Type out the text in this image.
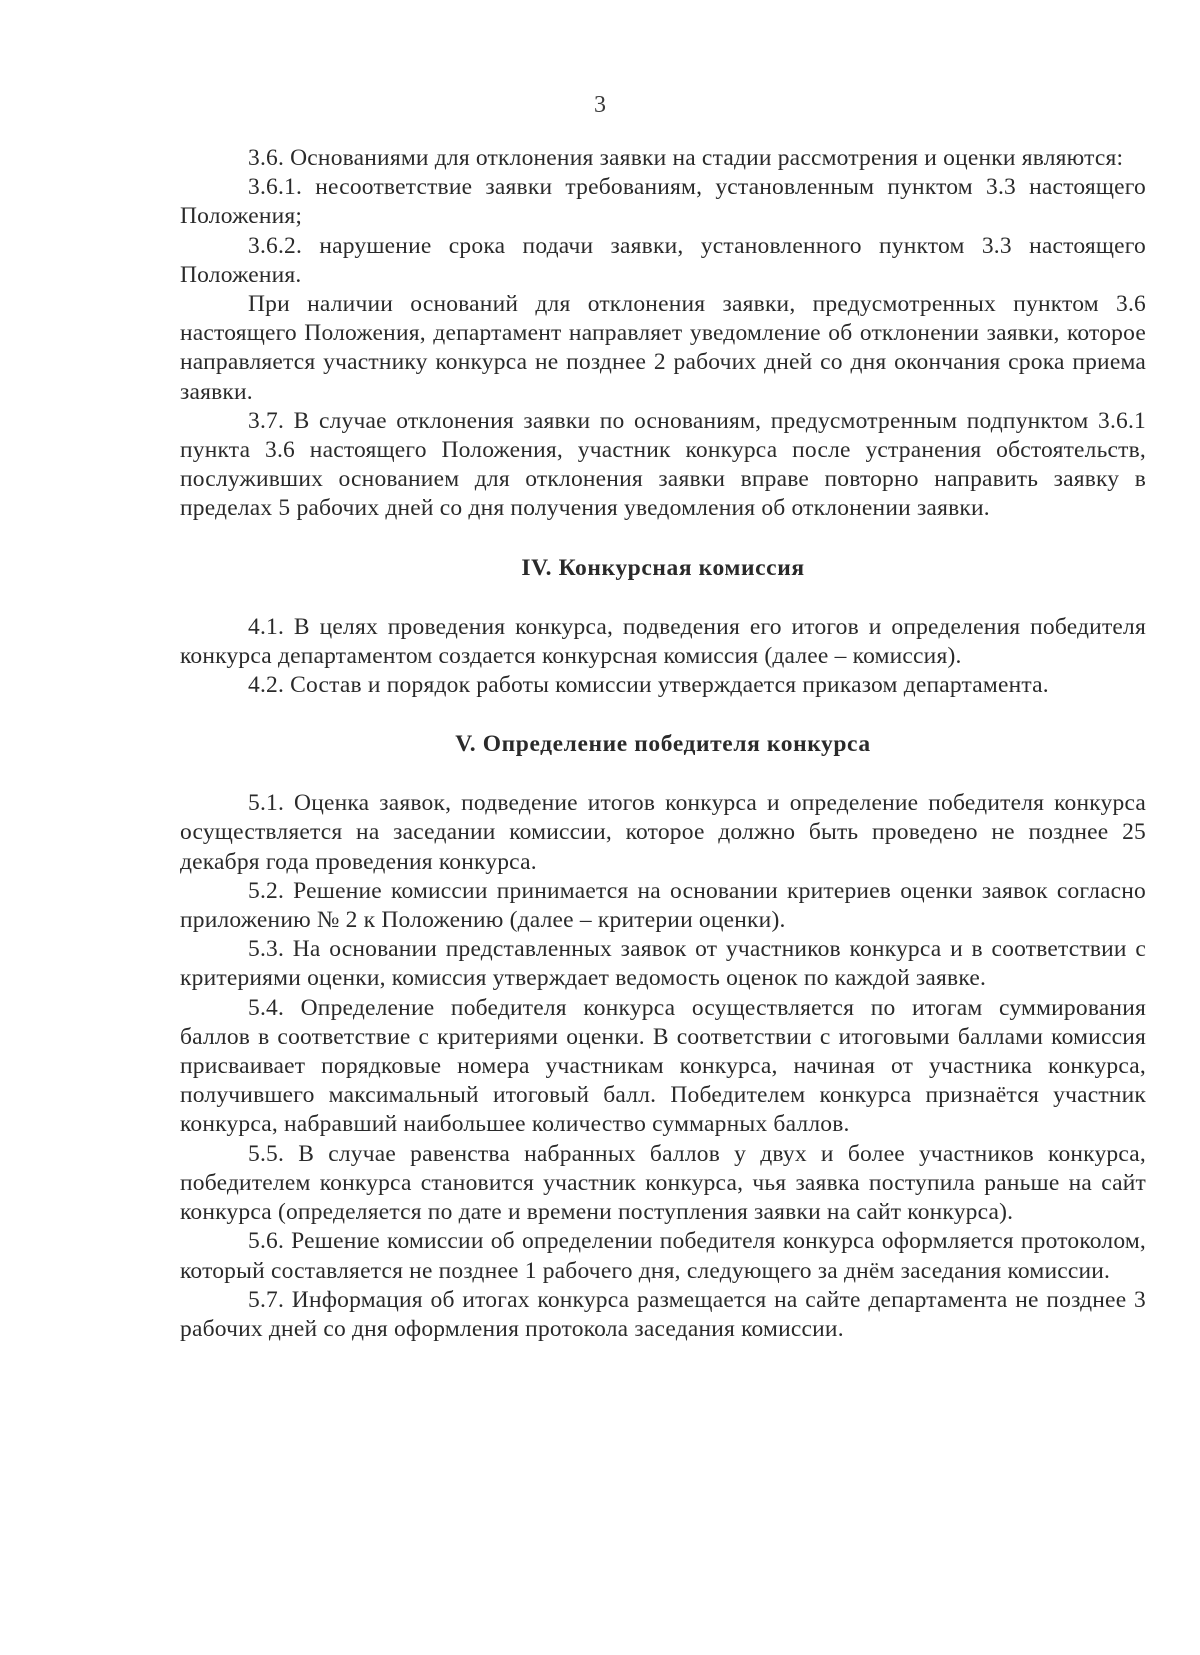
3

3.6. Основаниями для отклонения заявки на стадии рассмотрения и оценки являются:

3.6.1. несоответствие заявки требованиям, установленным пунктом 3.3 настоящего Положения;

3.6.2. нарушение срока подачи заявки, установленного пунктом 3.3 настоящего Положения.

При наличии оснований для отклонения заявки, предусмотренных пунктом 3.6 настоящего Положения, департамент направляет уведомление об отклонении заявки, которое направляется участнику конкурса не позднее 2 рабочих дней со дня окончания срока приема заявки.

3.7. В случае отклонения заявки по основаниям, предусмотренным подпунктом 3.6.1 пункта 3.6 настоящего Положения, участник конкурса после устранения обстоятельств, послуживших основанием для отклонения заявки вправе повторно направить заявку в пределах 5 рабочих дней со дня получения уведомления об отклонении заявки.

IV. Конкурсная комиссия

4.1. В целях проведения конкурса, подведения его итогов и определения победителя конкурса департаментом создается конкурсная комиссия (далее – комиссия).

4.2. Состав и порядок работы комиссии утверждается приказом департамента.

V. Определение победителя конкурса

5.1. Оценка заявок, подведение итогов конкурса и определение победителя конкурса осуществляется на заседании комиссии, которое должно быть проведено не позднее 25 декабря года проведения конкурса.

5.2. Решение комиссии принимается на основании критериев оценки заявок согласно приложению № 2 к Положению (далее – критерии оценки).

5.3. На основании представленных заявок от участников конкурса и в соответствии с критериями оценки, комиссия утверждает ведомость оценок по каждой заявке.

5.4. Определение победителя конкурса осуществляется по итогам суммирования баллов в соответствие с критериями оценки. В соответствии с итоговыми баллами комиссия присваивает порядковые номера участникам конкурса, начиная от участника конкурса, получившего максимальный итоговый балл. Победителем конкурса признаётся участник конкурса, набравший наибольшее количество суммарных баллов.

5.5. В случае равенства набранных баллов у двух и более участников конкурса, победителем конкурса становится участник конкурса, чья заявка поступила раньше на сайт конкурса (определяется по дате и времени поступления заявки на сайт конкурса).

5.6. Решение комиссии об определении победителя конкурса оформляется протоколом, который составляется не позднее 1 рабочего дня, следующего за днём заседания комиссии.

5.7. Информация об итогах конкурса размещается на сайте департамента не позднее 3 рабочих дней со дня оформления протокола заседания комиссии.
